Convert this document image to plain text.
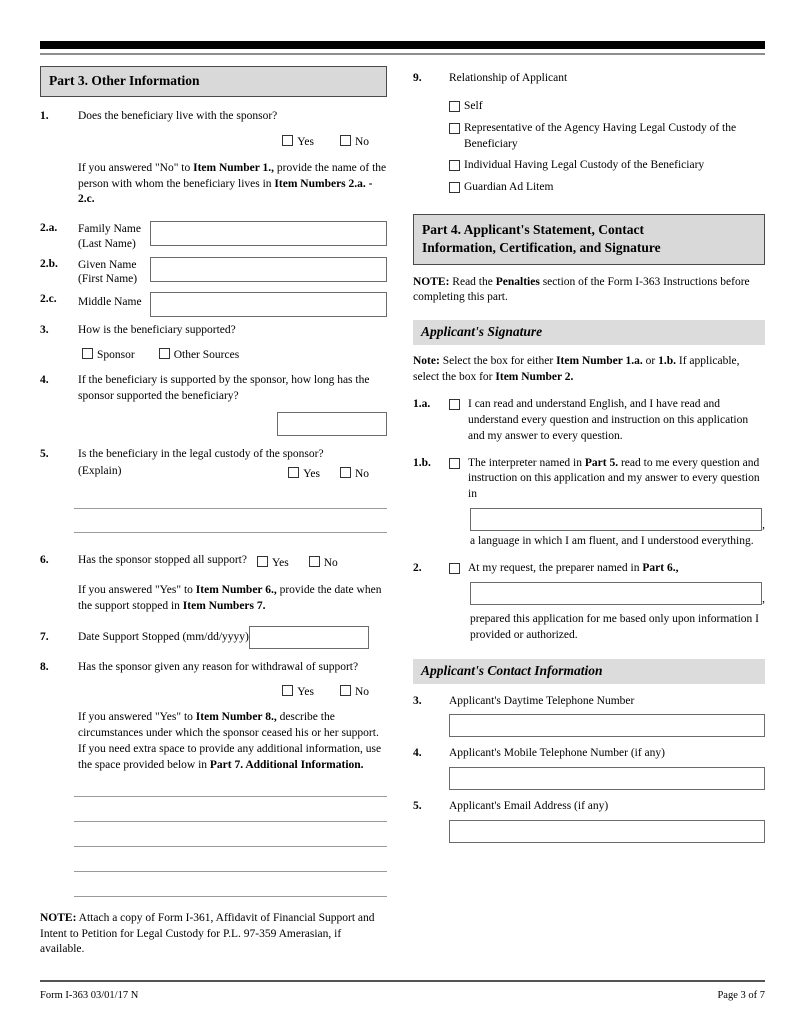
Part 3. Other Information
1.	Does the beneficiary live with the sponsor?
Yes	No
If you answered "No" to Item Number 1., provide the name of the person with whom the beneficiary lives in Item Numbers 2.a. - 2.c.
2.a.	Family Name
(Last Name)
2.b.	Given Name
(First Name)
2.c.	Middle Name
3.	How is the beneficiary supported?
Sponsor	Other Sources
4.	If the beneficiary is supported by the sponsor, how long has the sponsor supported the beneficiary?
5.	Is the beneficiary in the legal custody of the sponsor?
(Explain)	Yes	No
6.	Has the sponsor stopped all support?	Yes	No
If you answered "Yes" to Item Number 6., provide the date when the support stopped in Item Numbers 7.
7.	Date Support Stopped (mm/dd/yyyy)
8.	Has the sponsor given any reason for withdrawal of support?
Yes	No
If you answered "Yes" to Item Number 8., describe the circumstances under which the sponsor ceased his or her support. If you need extra space to provide any additional information, use the space provided below in Part 7. Additional Information.
NOTE: Attach a copy of Form I-361, Affidavit of Financial Support and Intent to Petition for Legal Custody for P.L. 97-359 Amerasian, if available.
9.	Relationship of Applicant
Self
Representative of the Agency Having Legal Custody of the Beneficiary
Individual Having Legal Custody of the Beneficiary
Guardian Ad Litem
Part 4. Applicant's Statement, Contact
Information, Certification, and Signature
NOTE: Read the Penalties section of the Form I-363 Instructions before completing this part.
Applicant's Signature
Note: Select the box for either Item Number 1.a. or 1.b. If applicable, select the box for Item Number 2.
1.a.	I can read and understand English, and I have read and understand every question and instruction on this application and my answer to every question.
1.b.	The interpreter named in Part 5. read to me every question and instruction on this application and my answer to every question in
,
a language in which I am fluent, and I understood everything.
2.	At my request, the preparer named in Part 6.,
,
prepared this application for me based only upon information I provided or authorized.
Applicant's Contact Information
3.	Applicant's Daytime Telephone Number
4.	Applicant's Mobile Telephone Number (if any)
5.	Applicant's Email Address (if any)
Form I-363 03/01/17 N	Page 3 of 7
